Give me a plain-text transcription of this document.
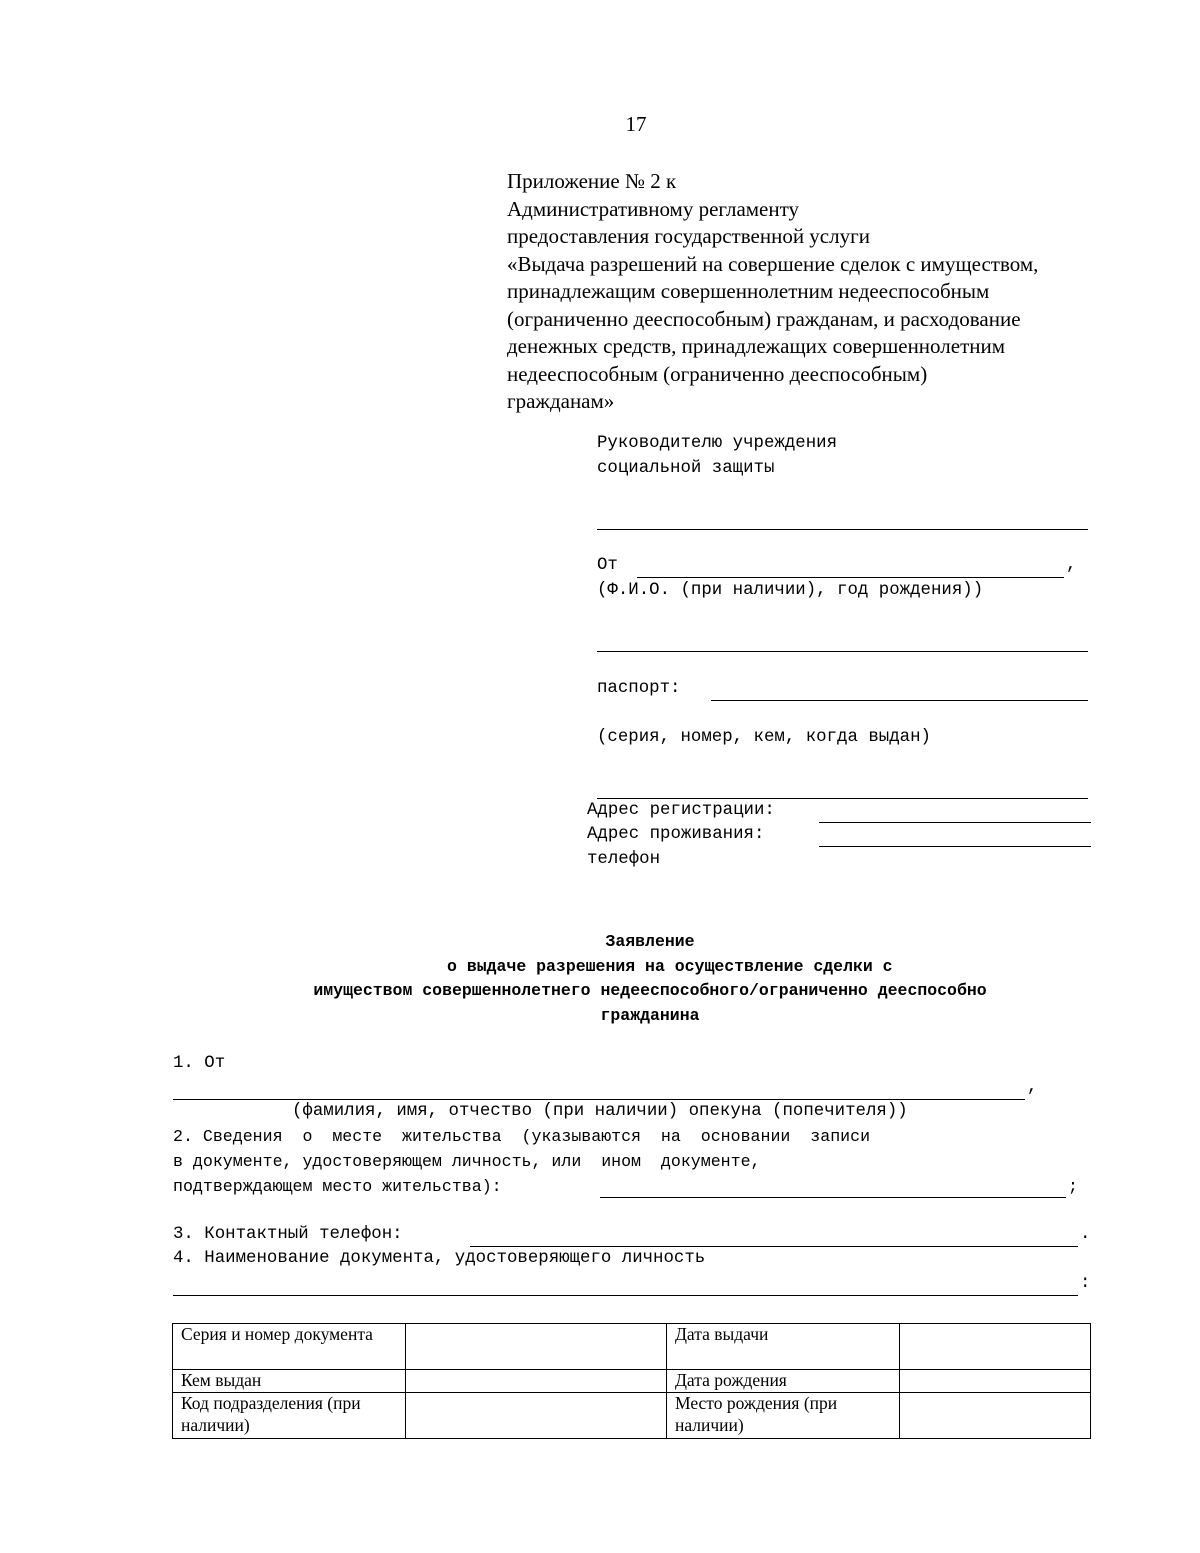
17
Приложение № 2 к
Административному регламенту
предоставления государственной услуги
«Выдача разрешений на совершение сделок с имуществом,
принадлежащим совершеннолетним недееспособным
(ограниченно дееспособным) гражданам, и расходование
денежных средств, принадлежащих совершеннолетним
недееспособным (ограниченно дееспособным)
гражданам»
Руководителю учреждения
социальной защиты
От	,
(Ф.И.О. (при наличии), год рождения))
паспорт:
(серия, номер, кем, когда выдан)
Адрес регистрации:
Адрес проживания:
телефон
Заявление
о выдаче разрешения на осуществление сделки с
имуществом совершеннолетнего недееспособного/ограниченно дееспособно
гражданина
1. От
,
(фамилия, имя, отчество (при наличии) опекуна (попечителя))
2. Сведения  о  месте  жительства  (указываются  на  основании  записи
в документе, удостоверяющем личность, или  ином  документе,
подтверждающем место жительства):	;
3. Контактный телефон:	.
4. Наименование документа, удостоверяющего личность
:
Серия и номер документа		Дата выдачи	
Кем выдан		Дата рождения	
Код подразделения (при наличии)		Место рождения (при наличии)	
